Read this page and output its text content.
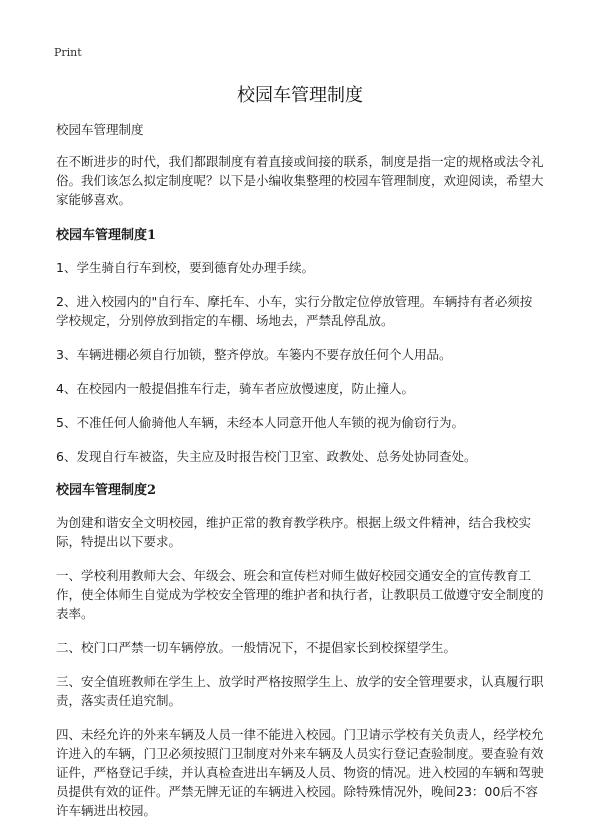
Print
校园车管理制度

校园车管理制度

在不断进步的时代，我们都跟制度有着直接或间接的联系，制度是指一定的规格或法令礼俗。我们该怎么拟定制度呢？以下是小编收集整理的校园车管理制度，欢迎阅读，希望大家能够喜欢。

校园车管理制度1

1、学生骑自行车到校，要到德育处办理手续。

2、进入校园内的"自行车、摩托车、小车，实行分散定位停放管理。车辆持有者必须按学校规定，分别停放到指定的车棚、场地去，严禁乱停乱放。

3、车辆进棚必须自行加锁，整齐停放。车篓内不要存放任何个人用品。

4、在校园内一般提倡推车行走，骑车者应放慢速度，防止撞人。

5、不准任何人偷骑他人车辆，未经本人同意开他人车锁的视为偷窃行为。

6、发现自行车被盗，失主应及时报告校门卫室、政教处、总务处协同查处。

校园车管理制度2

为创建和谐安全文明校园，维护正常的教育教学秩序。根据上级文件精神，结合我校实际，特提出以下要求。

一、学校利用教师大会、年级会、班会和宣传栏对师生做好校园交通安全的宣传教育工作，使全体师生自觉成为学校安全管理的维护者和执行者，让教职员工做遵守安全制度的表率。

二、校门口严禁一切车辆停放。一般情况下，不提倡家长到校探望学生。

三、安全值班教师在学生上、放学时严格按照学生上、放学的安全管理要求，认真履行职责，落实责任追究制。

四、未经允许的外来车辆及人员一律不能进入校园。门卫请示学校有关负责人，经学校允许进入的车辆，门卫必须按照门卫制度对外来车辆及人员实行登记查验制度。要查验有效证件，严格登记手续，并认真检查进出车辆及人员、物资的情况。进入校园的车辆和驾驶员提供有效的证件。严禁无牌无证的车辆进入校园。除特殊情况外，晚间23：00后不容许车辆进出校园。
